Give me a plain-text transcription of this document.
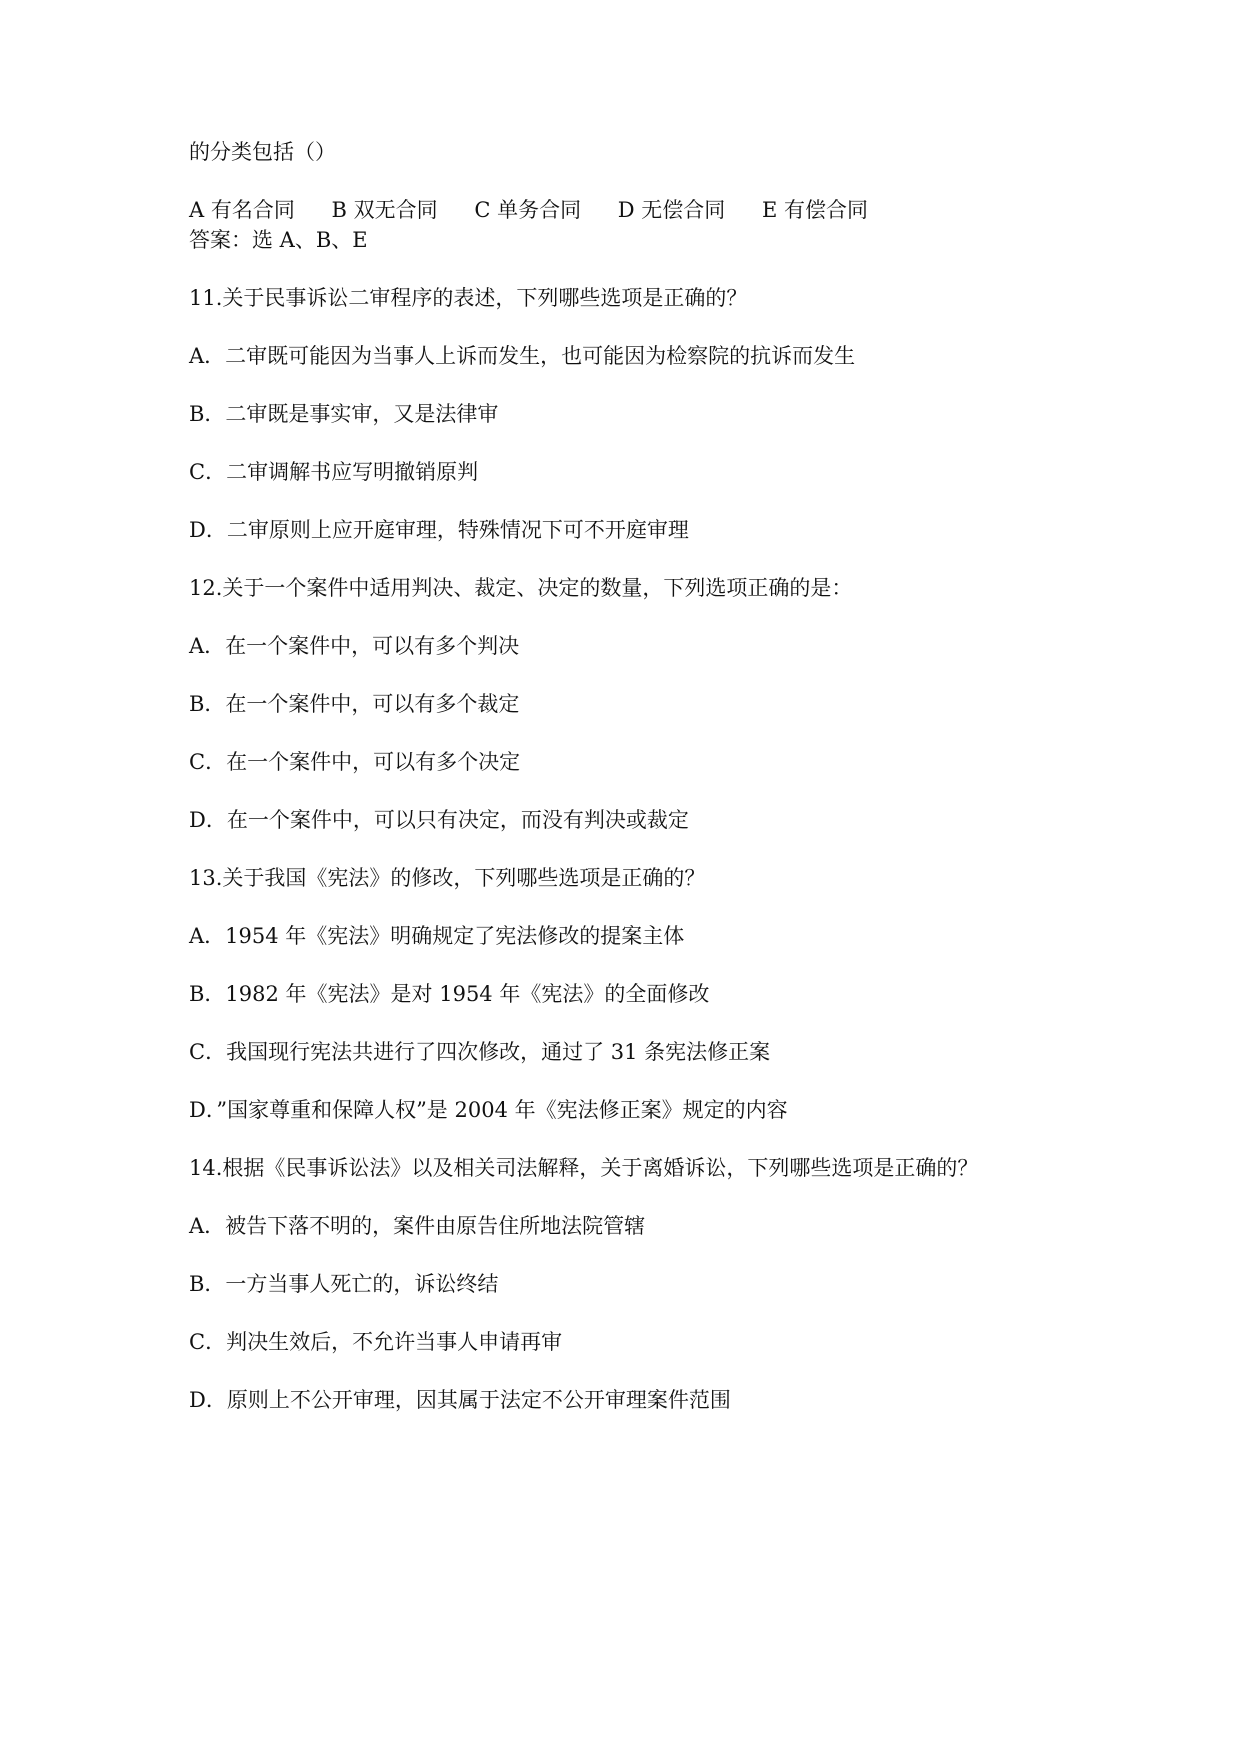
的分类包括（）
A 有名合同 B 双无合同 C 单务合同 D 无偿合同 E 有偿合同
答案：选 A、B、E
11.关于民事诉讼二审程序的表述，下列哪些选项是正确的？
A．二审既可能因为当事人上诉而发生，也可能因为检察院的抗诉而发生
B．二审既是事实审，又是法律审
C．二审调解书应写明撤销原判
D．二审原则上应开庭审理，特殊情况下可不开庭审理
12.关于一个案件中适用判决、裁定、决定的数量，下列选项正确的是：
A．在一个案件中，可以有多个判决
B．在一个案件中，可以有多个裁定
C．在一个案件中，可以有多个决定
D．在一个案件中，可以只有决定，而没有判决或裁定
13.关于我国《宪法》的修改，下列哪些选项是正确的？
A．1954 年《宪法》明确规定了宪法修改的提案主体
B．1982 年《宪法》是对 1954 年《宪法》的全面修改
C．我国现行宪法共进行了四次修改，通过了 31 条宪法修正案
D．”国家尊重和保障人权”是 2004 年《宪法修正案》规定的内容
14.根据《民事诉讼法》以及相关司法解释，关于离婚诉讼，下列哪些选项是正确的？
A．被告下落不明的，案件由原告住所地法院管辖
B．一方当事人死亡的，诉讼终结
C．判决生效后，不允许当事人申请再审
D．原则上不公开审理，因其属于法定不公开审理案件范围
